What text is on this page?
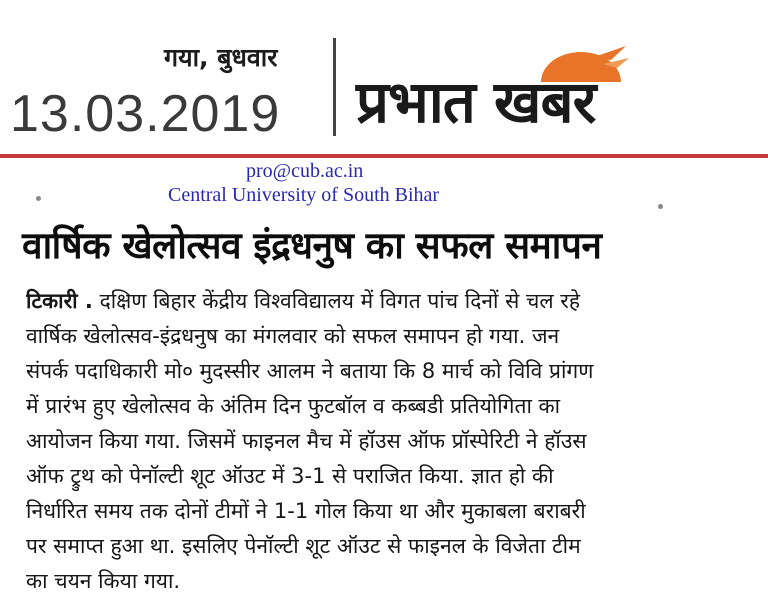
गया, बुधवार
13.03.2019 प्रभात खबर
pro@cub.ac.in
Central University of South Bihar
वार्षिक खेलोत्सव इंद्रधनुष का सफल समापन
टिकारी . दक्षिण बिहार केंद्रीय विश्वविद्यालय में विगत पांच दिनों से चल रहे
वार्षिक खेलोत्सव-इंद्रधनुष का मंगलवार को सफल समापन हो गया. जन
संपर्क पदाधिकारी मो० मुदस्सीर आलम ने बताया कि 8 मार्च को विवि प्रांगण
में प्रारंभ हुए खेलोत्सव के अंतिम दिन फुटबॉल व कब्बडी प्रतियोगिता का
आयोजन किया गया. जिसमें फाइनल मैच में हॉउस ऑफ प्रॉस्पेरिटी ने हॉउस
ऑफ ट्रुथ को पेनॉल्टी शूट ऑउट में 3-1 से पराजित किया. ज्ञात हो की
निर्धारित समय तक दोनों टीमों ने 1-1 गोल किया था और मुकाबला बराबरी
पर समाप्त हुआ था. इसलिए पेनॉल्टी शूट ऑउट से फाइनल के विजेता टीम
का चयन किया गया.
